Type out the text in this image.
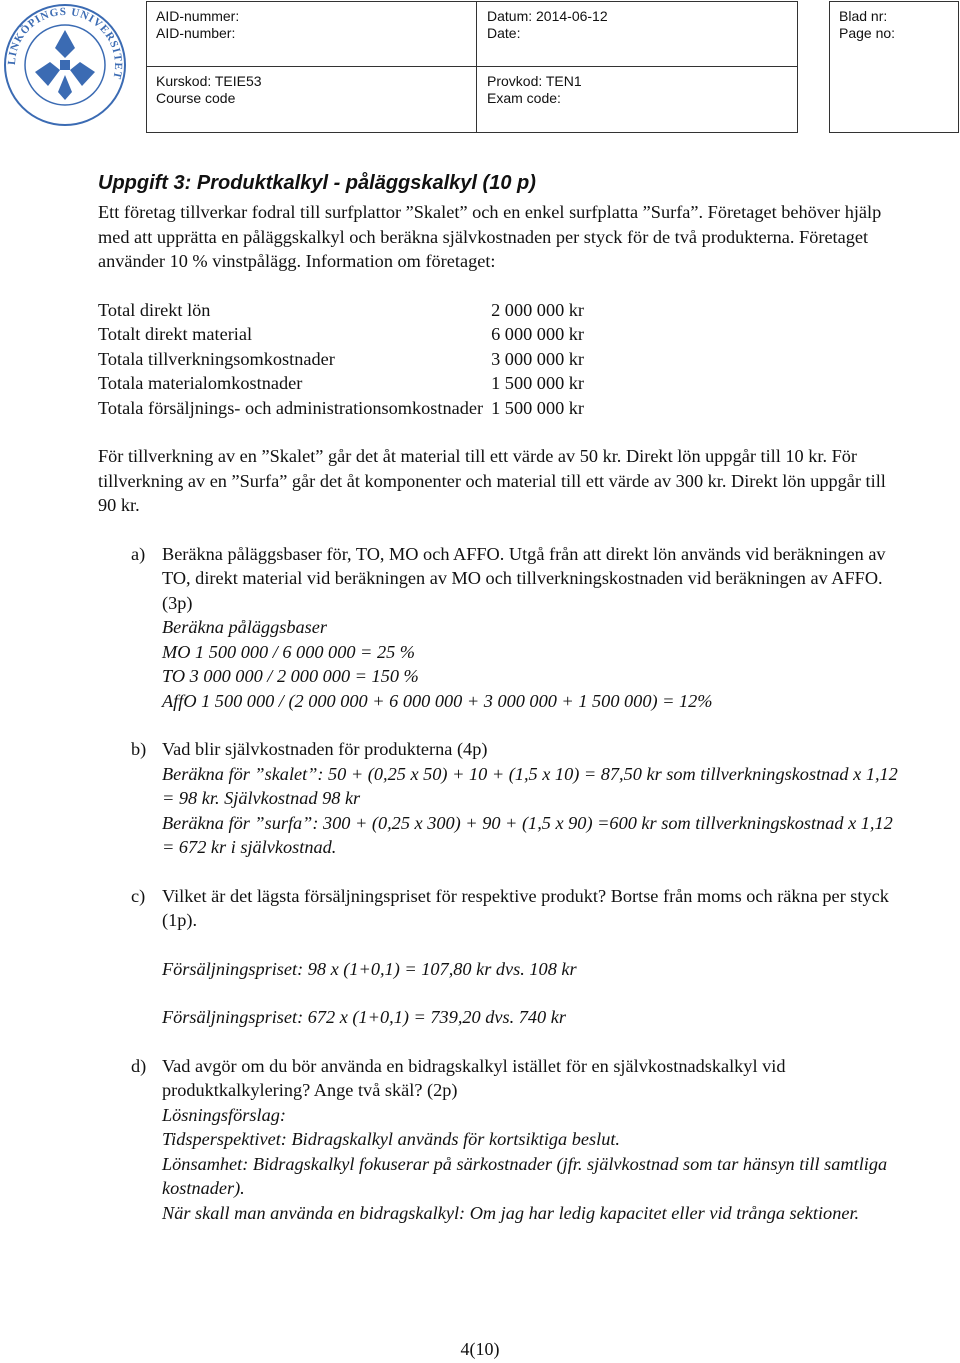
LINKÖPINGS UNIVERSITET
AID-nummer:
AID-number:
Datum: 2014-06-12
Date:
Blad nr:
Page no:
Kurskod: TEIE53
Course code
Provkod: TEN1
Exam code:
Uppgift 3: Produktkalkyl - påläggskalkyl (10 p)

Ett företag tillverkar fodral till surfplattor ”Skalet” och en enkel surfplatta ”Surfa”. Företaget behöver hjälp med att upprätta en påläggskalkyl och beräkna självkostnaden per styck för de två produkterna. Företaget använder 10 % vinstpålägg. Information om företaget:

Total direkt lön	2 000 000 kr
Totalt direkt material	6 000 000 kr
Totala tillverkningsomkostnader	3 000 000 kr
Totala materialomkostnader	1 500 000 kr
Totala försäljnings- och administrationsomkostnader	1 500 000 kr

För tillverkning av en ”Skalet” går det åt material till ett värde av 50 kr. Direkt lön uppgår till 10 kr. För tillverkning av en ”Surfa” går det åt komponenter och material till ett värde av 300 kr. Direkt lön uppgår till 90 kr.

a) Beräkna påläggsbaser för, TO, MO och AFFO. Utgå från att direkt lön används vid beräkningen av TO, direkt material vid beräkningen av MO och tillverkningskostnaden vid beräkningen av AFFO. (3p)

Beräkna påläggsbaser

MO 1 500 000 / 6 000 000 = 25 %

TO 3 000 000 / 2 000 000 = 150 %

AffO 1 500 000 / (2 000 000 + 6 000 000 + 3 000 000 + 1 500 000) = 12%

b) Vad blir självkostnaden för produkterna (4p)

Beräkna för ”skalet”: 50 + (0,25 x 50) + 10 + (1,5 x 10) = 87,50 kr som tillverkningskostnad x 1,12 = 98 kr. Självkostnad 98 kr

Beräkna för ”surfa”: 300 + (0,25 x 300) + 90 + (1,5 x 90) =600 kr som tillverkningskostnad x 1,12 = 672 kr i självkostnad.

c) Vilket är det lägsta försäljningspriset för respektive produkt? Bortse från moms och räkna per styck (1p).

Försäljningspriset: 98 x (1+0,1) = 107,80 kr dvs. 108 kr

Försäljningspriset: 672 x (1+0,1) = 739,20 dvs. 740 kr

d) Vad avgör om du bör använda en bidragskalkyl istället för en självkostnadskalkyl vid produktkalkylering? Ange två skäl? (2p)

Lösningsförslag:

Tidsperspektivet: Bidragskalkyl används för kortsiktiga beslut.

Lönsamhet: Bidragskalkyl fokuserar på särkostnader (jfr. självkostnad som tar hänsyn till samtliga kostnader).

När skall man använda en bidragskalkyl: Om jag har ledig kapacitet eller vid trånga sektioner.

4(10)
